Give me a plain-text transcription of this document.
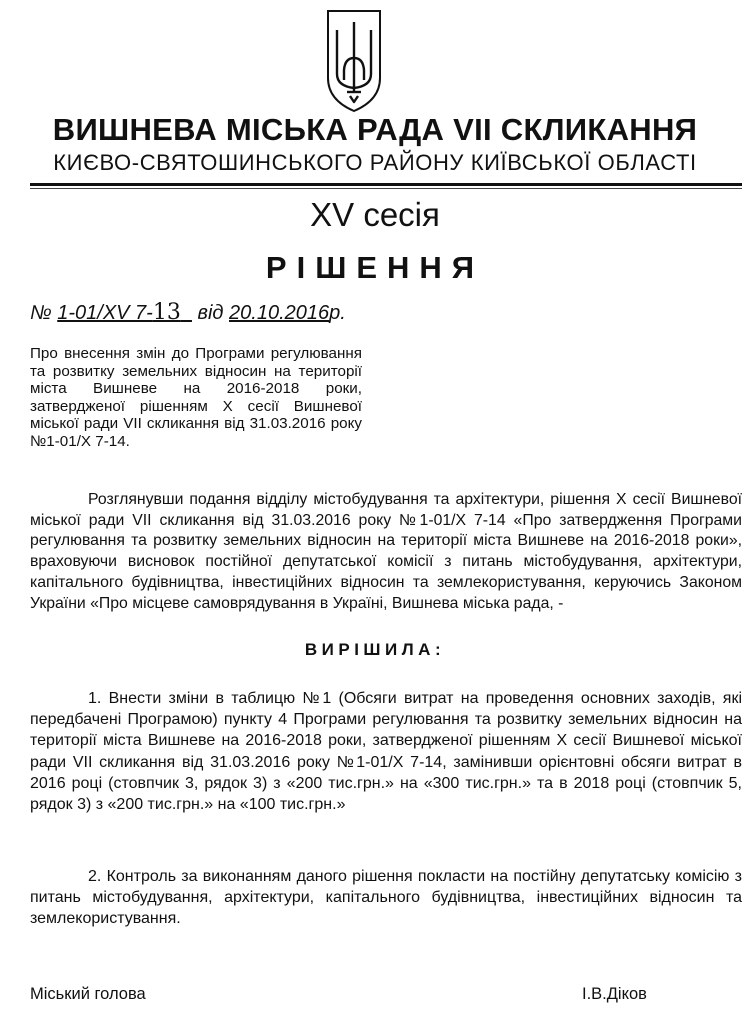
ВИШНЕВА МІСЬКА РАДА VII СКЛИКАННЯ
КИЄВО-СВЯТОШИНСЬКОГО РАЙОНУ КИЇВСЬКОЇ ОБЛАСТІ
XV сесія
РІШЕННЯ
№ 1-01/XV 7-13 від 20.10.2016р.
Про внесення змін до Програми регулювання
та розвитку земельних відносин на території
міста Вишневе на 2016-2018 роки,
затвердженої рішенням X сесії Вишневої
міської ради VII скликання від 31.03.2016 року
№1-01/X 7-14.
Розглянувши подання відділу містобудування та архітектури, рішення X сесії Вишневої міської ради VII скликання від 31.03.2016 року №1-01/X 7-14 «Про затвердження Програми регулювання та розвитку земельних відносин на території міста Вишневе на 2016-2018 роки», враховуючи висновок постійної депутатської комісії з питань містобудування, архітектури, капітального будівництва, інвестиційних відносин та землекористування, керуючись Законом України «Про місцеве самоврядування в Україні, Вишнева міська рада, -
ВИРІШИЛА:
1. Внести зміни в таблицю №1 (Обсяги витрат на проведення основних заходів, які передбачені Програмою) пункту 4 Програми регулювання та розвитку земельних відносин на території міста Вишневе на 2016-2018 роки, затвердженої рішенням X сесії Вишневої міської ради VII скликання від 31.03.2016 року №1-01/X 7-14, замінивши орієнтовні обсяги витрат в 2016 році (стовпчик 3, рядок 3) з «200 тис.грн.» на «300 тис.грн.» та в 2018 році (стовпчик 5, рядок 3) з «200 тис.грн.» на «100 тис.грн.»
2. Контроль за виконанням даного рішення покласти на постійну депутатську комісію з питань містобудування, архітектури, капітального будівництва, інвестиційних відносин та землекористування.
Міський голова	І.В.Діков
